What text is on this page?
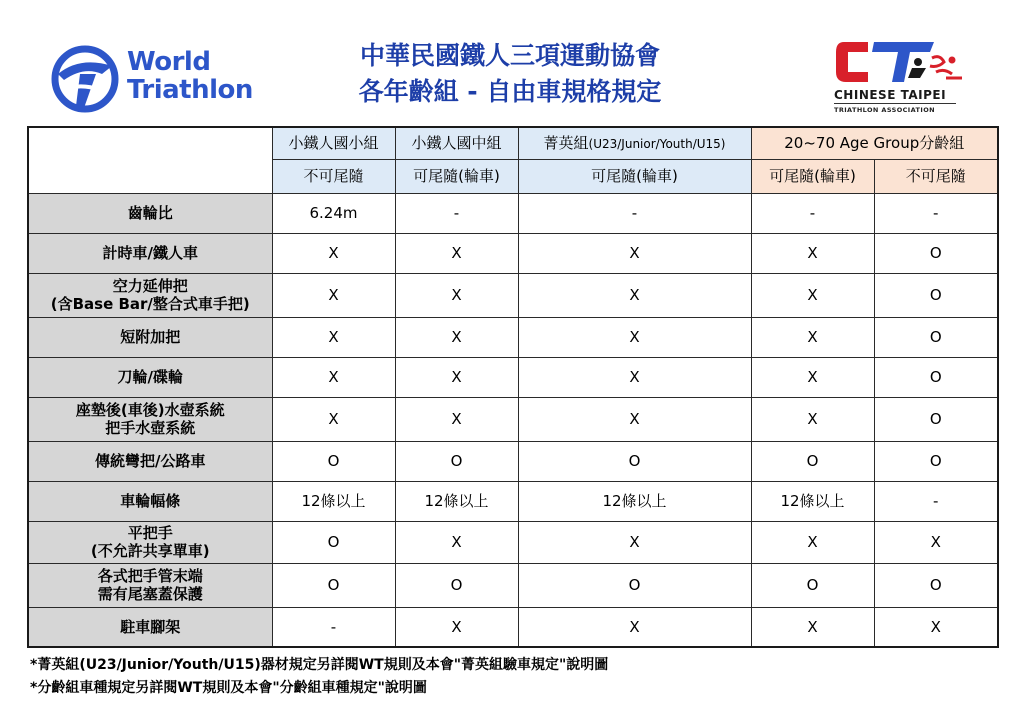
World
Triathlon
中華民國鐵人三項運動協會
各年齡組 - 自由車規格規定	CHINESE TAIPEI
TRIATHLON ASSOCIATION
	小鐵人國小組	小鐵人國中組	菁英組(U23/Junior/Youth/U15)	20~70 Age Group分齡組	
	不可尾隨	可尾隨(輪車)	可尾隨(輪車)	可尾隨(輪車)	不可尾隨
齒輪比	6.24m	-	-	-	-
計時車/鐵人車	X	X	X	X	O

空力延伸把
(含Base Bar/整合式車手把)	X	X	X	X	O
短附加把	X	X	X	X	O
刀輪/碟輪	X	X	X	X	O

座墊後(車後)水壺系統
把手水壺系統	X	X	X	X	O
傳統彎把/公路車	O	O	O	O	O
車輪幅條	12條以上	12條以上	12條以上	12條以上	-

平把手
(不允許共享單車)	O	X	X	X	X

各式把手管末端
需有尾塞蓋保護	O	O	O	O	O
駐車腳架	-	X	X	X	X
*菁英組(U23/Junior/Youth/U15)器材規定另詳閱WT規則及本會"菁英組驗車規定"說明圖
*分齡組車種規定另詳閱WT規則及本會"分齡組車種規定"說明圖
